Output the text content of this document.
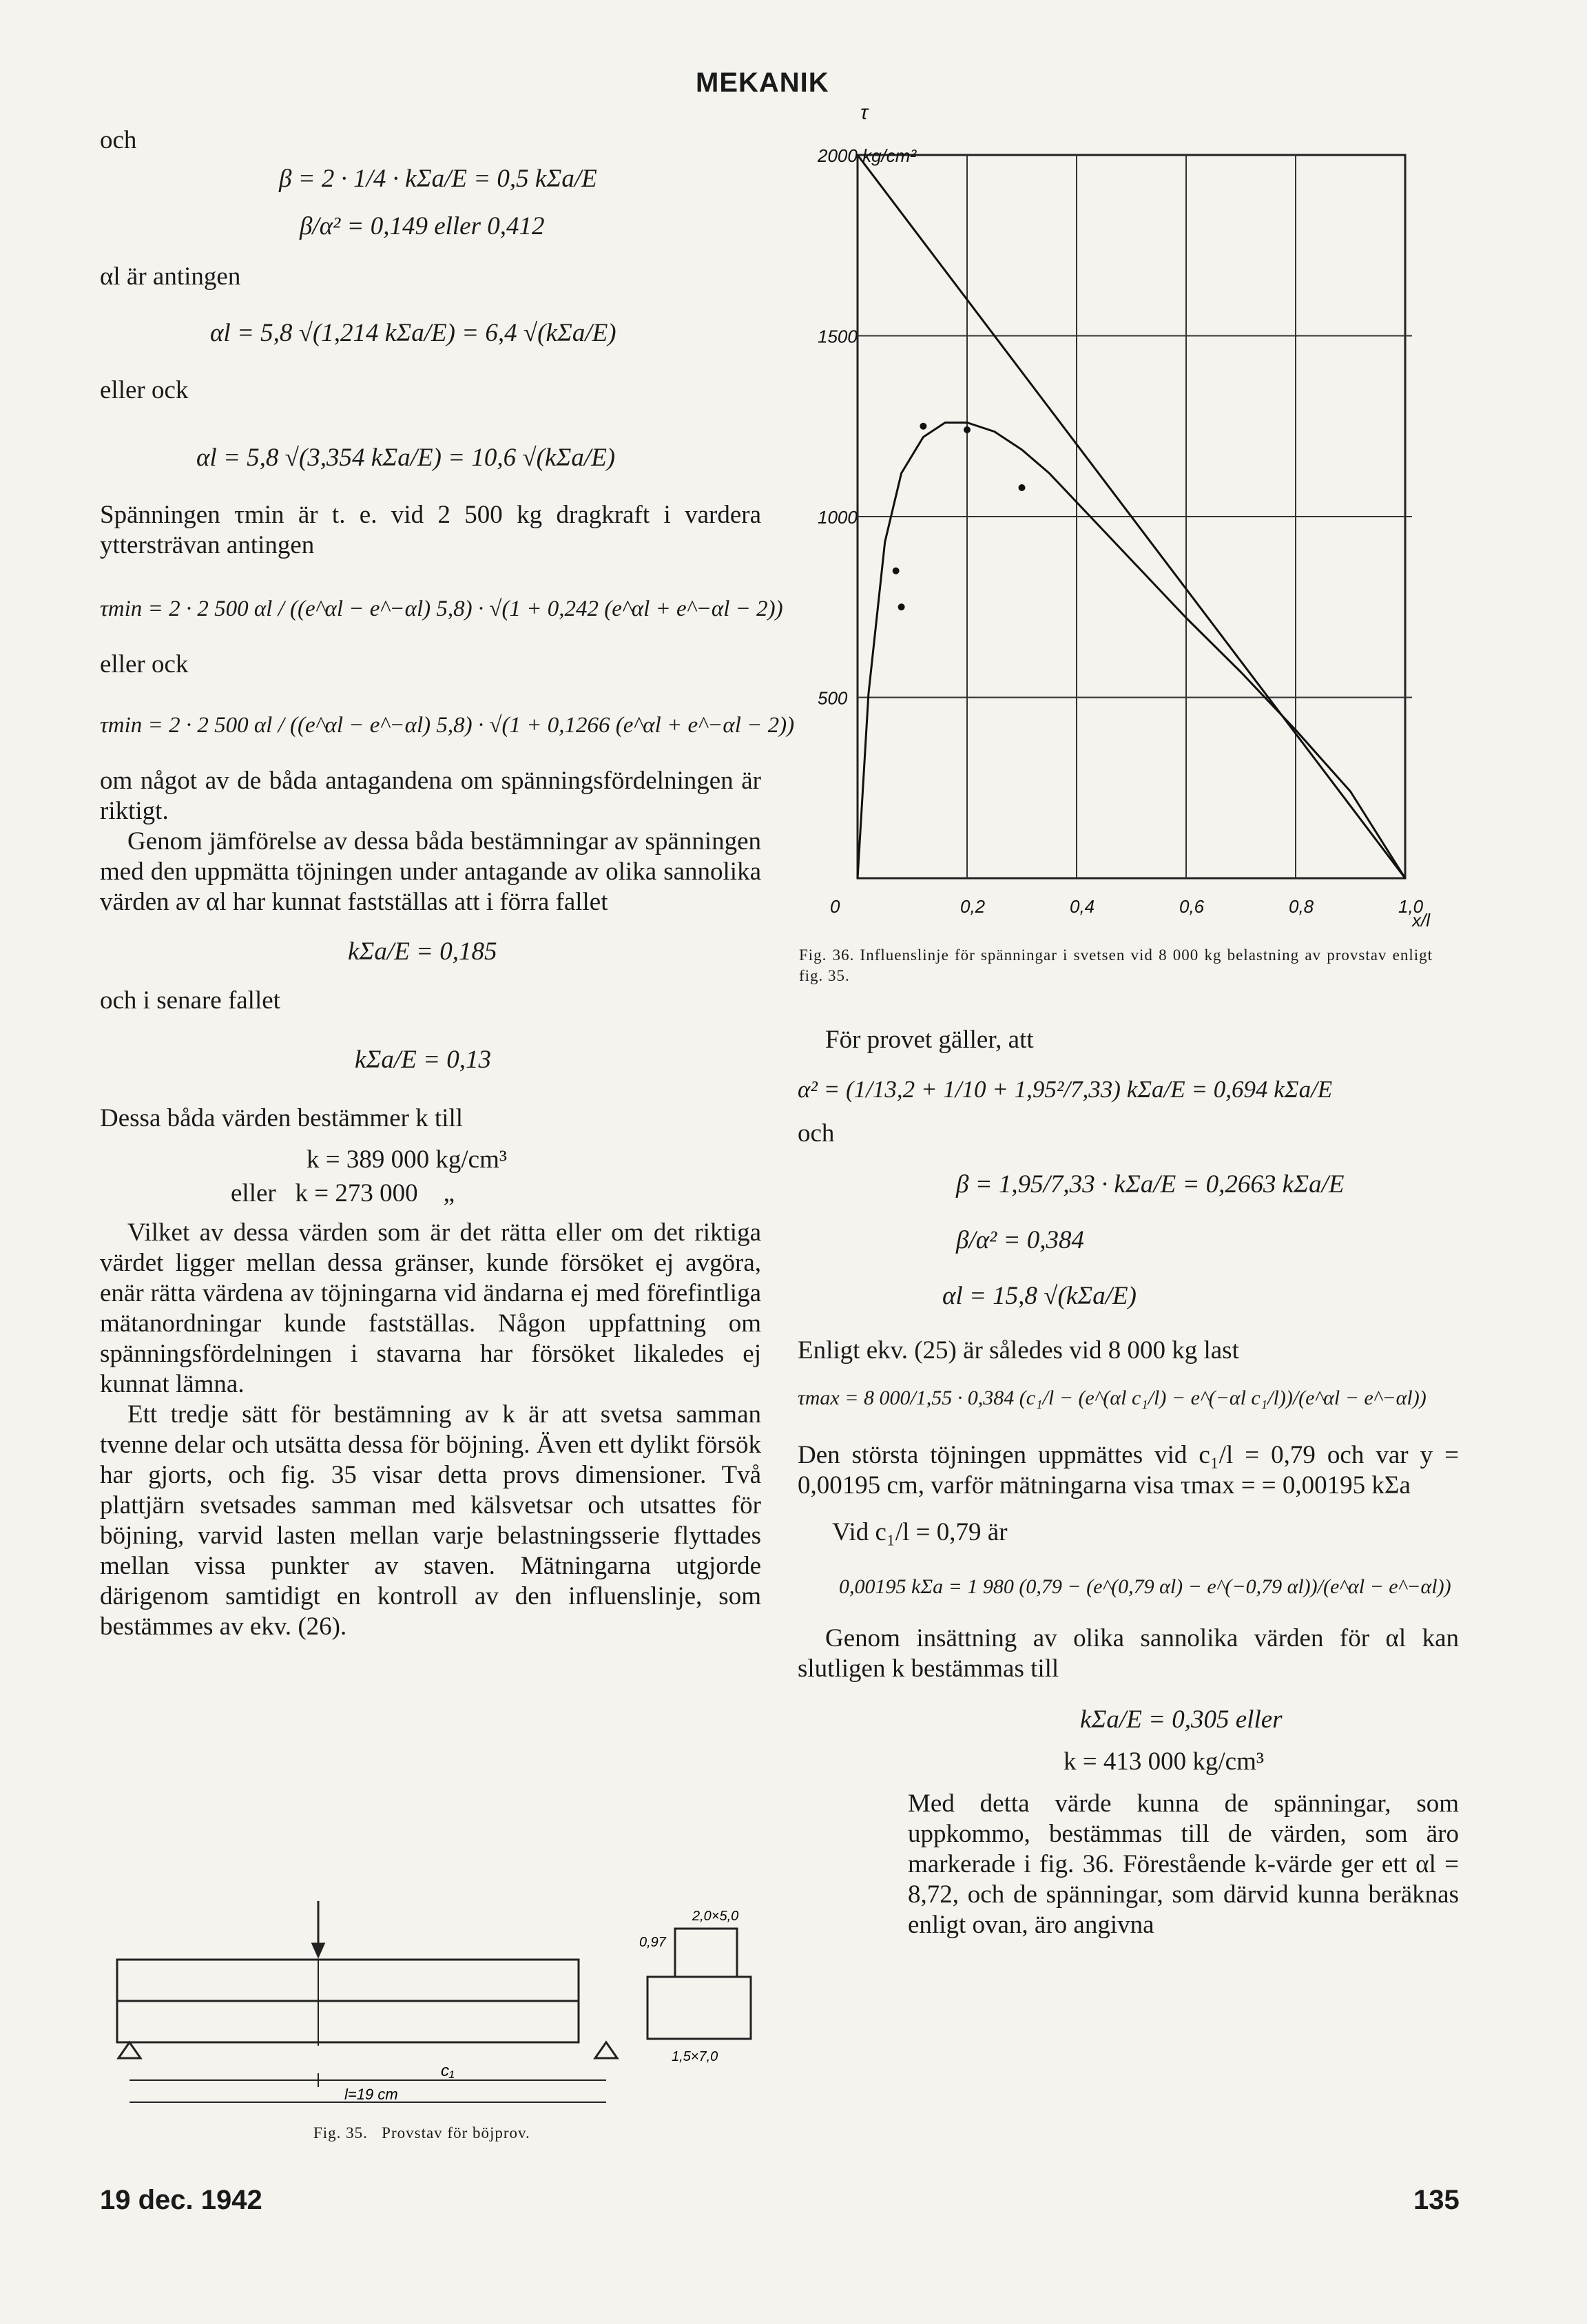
MEKANIK
och
β = 2 · 1/4 · kΣa/E = 0,5 kΣa/E
β/α² = 0,149 eller 0,412
αl är antingen
αl = 5,8 √(1,214 kΣa/E) = 6,4 √(kΣa/E)
eller ock
αl = 5,8 √(3,354 kΣa/E) = 10,6 √(kΣa/E)
Spänningen τmin är t. e. vid 2 500 kg dragkraft i vardera yttersträvan antingen
τmin = 2 · 2 500 αl / ((e^αl − e^−αl) 5,8) · √(1 + 0,242 (e^αl + e^−αl − 2))
eller ock
τmin = 2 · 2 500 αl / ((e^αl − e^−αl) 5,8) · √(1 + 0,1266 (e^αl + e^−αl − 2))
om något av de båda antagandena om spänningsfördelningen är riktigt.
Genom jämförelse av dessa båda bestämningar av spänningen med den uppmätta töjningen under antagande av olika sannolika värden av αl har kunnat fastställas att i förra fallet
kΣa/E = 0,185
och i senare fallet
kΣa/E = 0,13
Dessa båda värden bestämmer k till
k = 389 000 kg/cm³
eller   k = 273 000    „
Vilket av dessa värden som är det rätta eller om det riktiga värdet ligger mellan dessa gränser, kunde försöket ej avgöra, enär rätta värdena av töjningarna vid ändarna ej med förefintliga mätanordningar kunde fastställas. Någon uppfattning om spänningsfördelningen i stavarna har försöket likaledes ej kunnat lämna.
Ett tredje sätt för bestämning av k är att svetsa samman tvenne delar och utsätta dessa för böjning. Även ett dylikt försök har gjorts, och fig. 35 visar detta provs dimensioner. Två plattjärn svetsades samman med kälsvetsar och utsattes för böjning, varvid lasten mellan varje belastningsserie flyttades mellan vissa punkter av staven. Mätningarna utgjorde därigenom samtidigt en kontroll av den influenslinje, som bestämmes av ekv. (26).
c₁
l=19 cm
2,0×5,0
0,97
1,5×7,0
Fig. 35.   Provstav för böjprov.
0	0,2	0,4	0,6	0,8	1,0
500
1000
1500
2000 kg/cm²
τ
x/l
Fig. 36. Influenslinje för spänningar i svetsen vid 8 000 kg belastning av provstav enligt fig. 35.
För provet gäller, att
α² = (1/13,2 + 1/10 + 1,95²/7,33) kΣa/E = 0,694 kΣa/E
och
β = 1,95/7,33 · kΣa/E = 0,2663 kΣa/E
β/α² = 0,384
αl = 15,8 √(kΣa/E)
Enligt ekv. (25) är således vid 8 000 kg last
τmax = 8 000/1,55 · 0,384 (c₁/l − (e^(αl c₁/l) − e^(−αl c₁/l))/(e^αl − e^−αl))
Den största töjningen uppmättes vid c₁/l = 0,79 och var y = 0,00195 cm, varför mätningarna visa τmax = = 0,00195 kΣa
Vid c₁/l = 0,79 är
0,00195 kΣa = 1 980 (0,79 − (e^(0,79 αl) − e^(−0,79 αl))/(e^αl − e^−αl))
Genom insättning av olika sannolika värden för αl kan slutligen k bestämmas till
kΣa/E = 0,305 eller
k = 413 000 kg/cm³
Med detta värde kunna de spänningar, som uppkommo, bestämmas till de värden, som äro markerade i fig. 36. Förestående k-värde ger ett αl = 8,72, och de spänningar, som därvid kunna beräknas enligt ovan, äro angivna
19 dec. 1942	135
